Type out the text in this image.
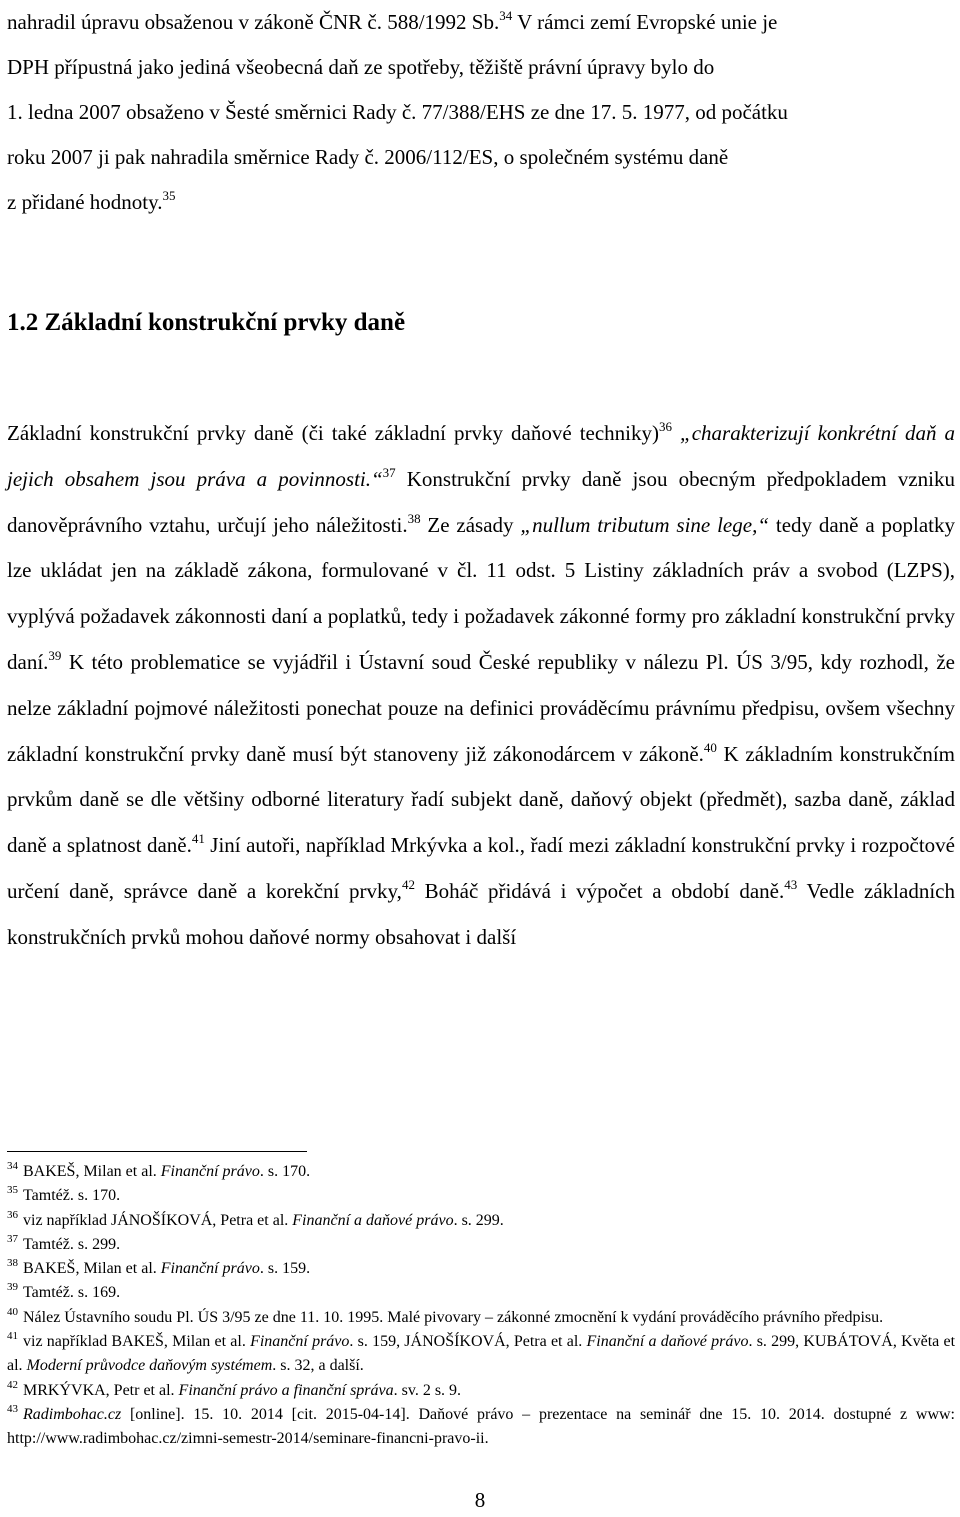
nahradil úpravu obsaženou v zákoně ČNR č. 588/1992 Sb.$^{34}$ V rámci zemí Evropské unie je
DPH přípustná jako jediná všeobecná daň ze spotřeby, těžiště právní úpravy bylo do
1. ledna 2007 obsaženo v Šesté směrnici Rady č. 77/388/EHS ze dne 17. 5. 1977, od počátku
roku 2007 ji pak nahradila směrnice Rady č. 2006/112/ES, o společném systému daně
z přidané hodnoty.$^{35}$

1.2 Základní konstrukční prvky daně

Základní konstrukční prvky daně (či také základní prvky daňové techniky)$^{36}$ „charakterizují konkrétní daň a jejich obsahem jsou práva a povinnosti.“$^{37}$ Konstrukční prvky daně jsou obecným předpokladem vzniku danověprávního vztahu, určují jeho náležitosti.$^{38}$ Ze zásady „nullum tributum sine lege,“ tedy daně a poplatky lze ukládat jen na základě zákona, formulované v čl. 11 odst. 5 Listiny základních práv a svobod (LZPS), vyplývá požadavek zákonnosti daní a poplatků, tedy i požadavek zákonné formy pro základní konstrukční prvky daní.$^{39}$ K této problematice se vyjádřil i Ústavní soud České republiky v nálezu Pl. ÚS 3/95, kdy rozhodl, že nelze základní pojmové náležitosti ponechat pouze na definici prováděcímu právnímu předpisu, ovšem všechny základní konstrukční prvky daně musí být stanoveny již zákonodárcem v zákoně.$^{40}$ K základním konstrukčním prvkům daně se dle většiny odborné literatury řadí subjekt daně, daňový objekt (předmět), sazba daně, základ daně a splatnost daně.$^{41}$ Jiní autoři, například Mrkývka a kol., řadí mezi základní konstrukční prvky i rozpočtové určení daně, správce daně a korekční prvky,$^{42}$ Boháč přidává i výpočet a období daně.$^{43}$ Vedle základních konstrukčních prvků mohou daňové normy obsahovat i další

$^{34}$ BAKEŠ, Milan et al. Finanční právo. s. 170.

$^{35}$ Tamtéž. s. 170.

$^{36}$ viz například JÁNOŠÍKOVÁ, Petra et al. Finanční a daňové právo. s. 299.

$^{37}$ Tamtéž. s. 299.

$^{38}$ BAKEŠ, Milan et al. Finanční právo. s. 159.

$^{39}$ Tamtéž. s. 169.

$^{40}$ Nález Ústavního soudu Pl. ÚS 3/95 ze dne 11. 10. 1995. Malé pivovary – zákonné zmocnění k vydání prováděcího právního předpisu.

$^{41}$ viz například BAKEŠ, Milan et al. Finanční právo. s. 159, JÁNOŠÍKOVÁ, Petra et al. Finanční a daňové právo. s. 299, KUBÁTOVÁ, Květa et al. Moderní průvodce daňovým systémem. s. 32, a další.

$^{42}$ MRKÝVKA, Petr et al. Finanční právo a finanční správa. sv. 2 s. 9.

$^{43}$ Radimbohac.cz [online]. 15. 10. 2014 [cit. 2015-04-14]. Daňové právo – prezentace na seminář dne 15. 10. 2014. dostupné z www: http://www.radimbohac.cz/zimni-semestr-2014/seminare-financni-pravo-ii.

8
